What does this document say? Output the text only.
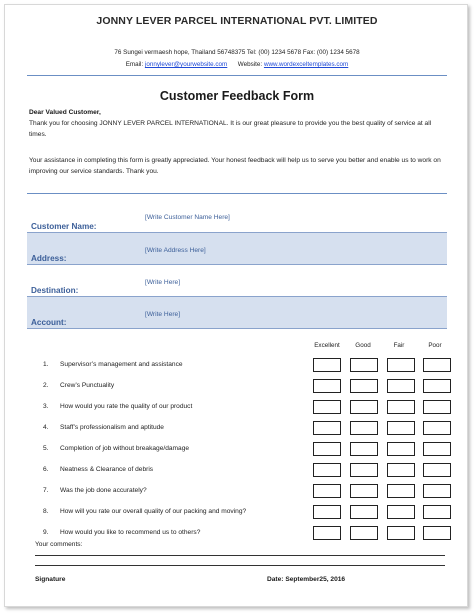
JONNY LEVER PARCEL INTERNATIONAL PVT. LIMITED
76 Sungei vermaesh hope, Thailand 56748375 Tel: (00) 1234 5678 Fax: (00) 1234 5678
Email: jonnylever@yourwebsite.com Website: www.wordexceltemplates.com
Customer Feedback Form
Dear Valued Customer,
Thank you for choosing JONNY LEVER PARCEL INTERNATIONAL. It is our great pleasure to provide you the best quality of service at all times.
Your assistance in completing this form is greatly appreciated. Your honest feedback will help us to serve you better and enable us to work on improving our service standards. Thank you.
Customer Name:
[Write Customer Name Here]
Address:
[Write Address Here]
Destination:
[Write Here]
Account:
[Write Here]
Excellent	Good	Fair	Poor
1. Supervisor’s management and assistance
2. Crew’s Punctuality
3. How would you rate the quality of our product
4. Staff’s professionalism and aptitude
5. Completion of job without breakage/damage
6. Neatness & Clearance of debris
7. Was the job done accurately?
8. How will you rate our overall quality of our packing and moving?
9. How would you like to recommend us to others?
Your comments:
Signature	Date: September25, 2016
